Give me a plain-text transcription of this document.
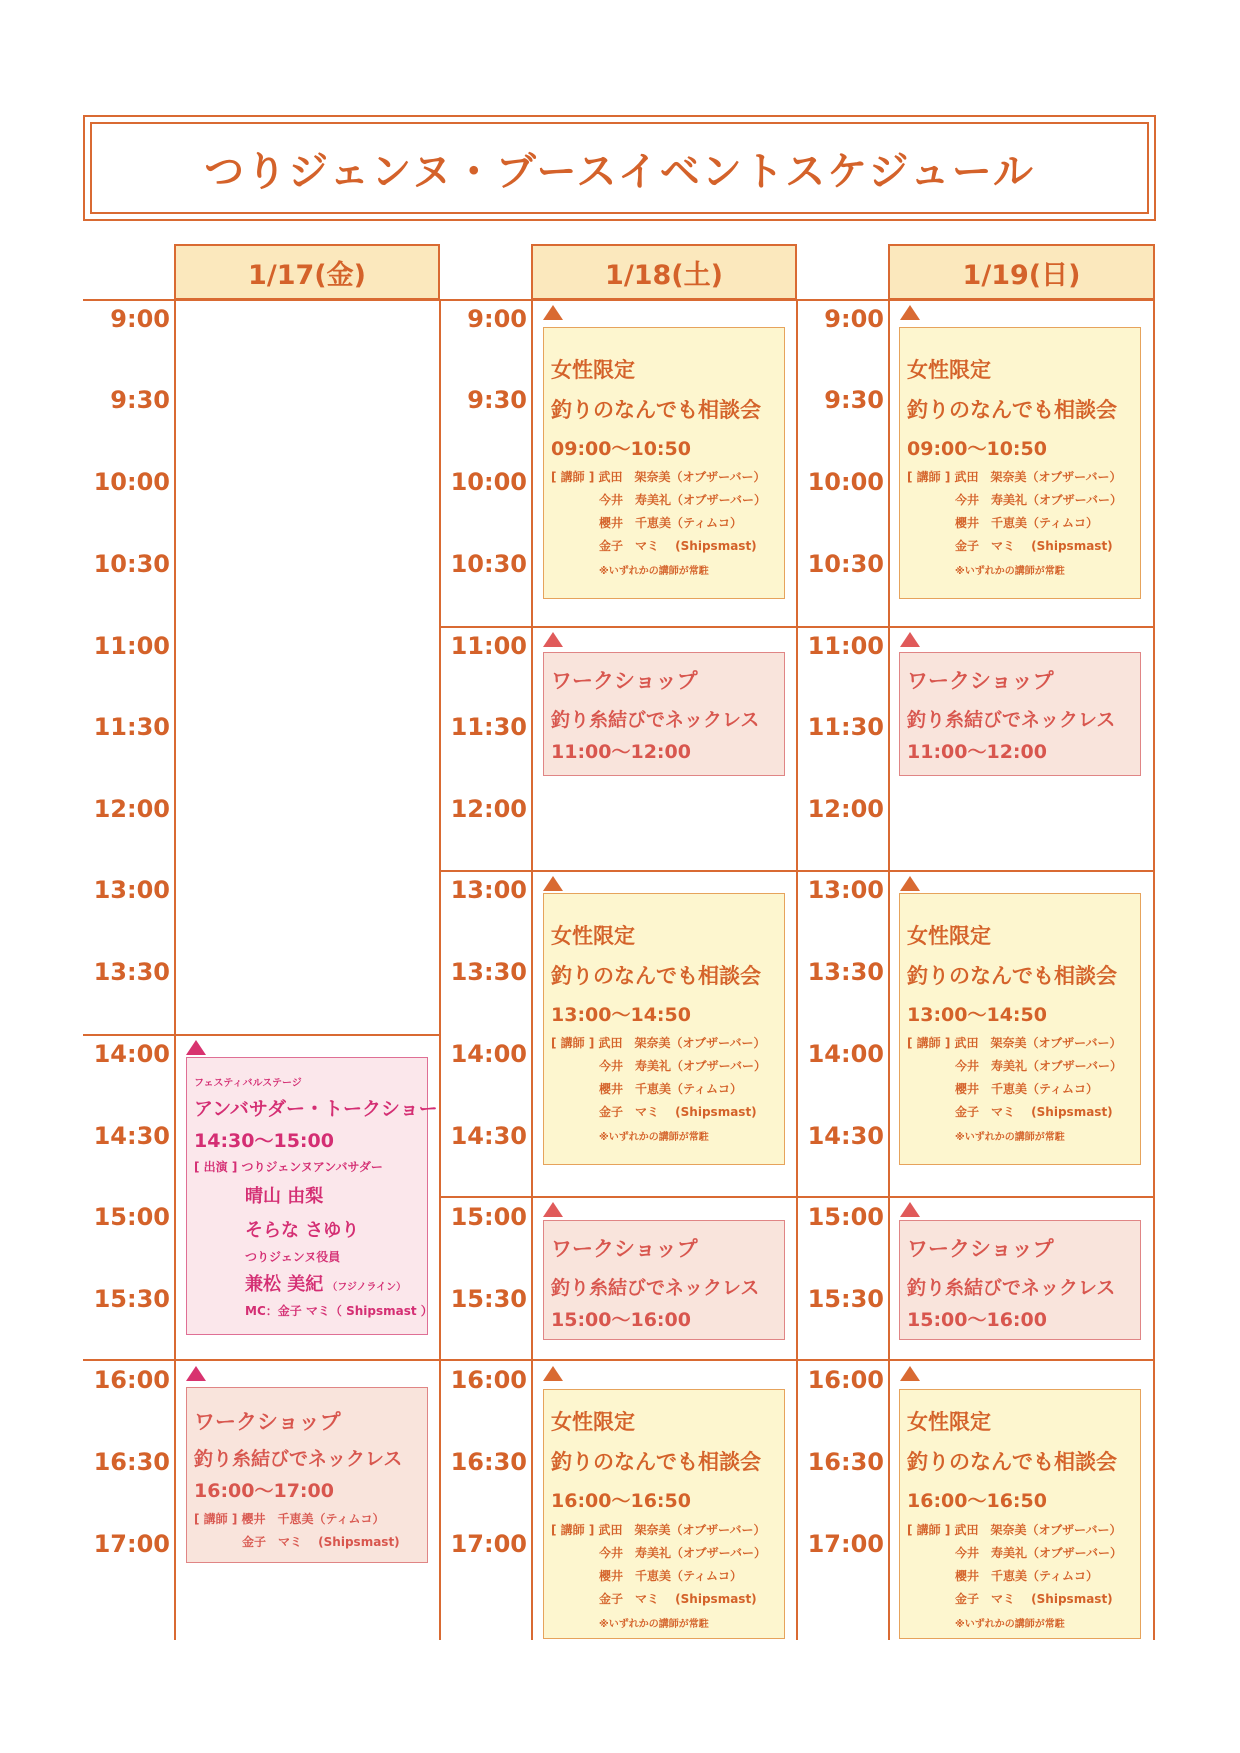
つりジェンヌ・ブースイベントスケジュール
1/17(金)	1/18(土)	1/19(日)
9:00
9:30
10:00
10:30
11:00
11:30
12:00
13:00
13:30
14:00
14:30
15:00
15:30
16:00
16:30
17:00
9:00
9:30
10:00
10:30
11:00
11:30
12:00
13:00
13:30
14:00
14:30
15:00
15:30
16:00
16:30
17:00
9:00
9:30
10:00
10:30
11:00
11:30
12:00
13:00
13:30
14:00
14:30
15:00
15:30
16:00
16:30
17:00
女性限定
釣りのなんでも相談会
09:00〜10:50
[ 講師 ] 武田　架奈美（オブザーバー）
今井　寿美礼（オブザーバー）
櫻井　千恵美（ティムコ）
金子　マミ　 (Shipsmast)
※いずれかの講師が常駐
女性限定
釣りのなんでも相談会
09:00〜10:50
[ 講師 ] 武田　架奈美（オブザーバー）
今井　寿美礼（オブザーバー）
櫻井　千恵美（ティムコ）
金子　マミ　 (Shipsmast)
※いずれかの講師が常駐
女性限定
釣りのなんでも相談会
13:00〜14:50
[ 講師 ] 武田　架奈美（オブザーバー）
今井　寿美礼（オブザーバー）
櫻井　千恵美（ティムコ）
金子　マミ　 (Shipsmast)
※いずれかの講師が常駐
女性限定
釣りのなんでも相談会
13:00〜14:50
[ 講師 ] 武田　架奈美（オブザーバー）
今井　寿美礼（オブザーバー）
櫻井　千恵美（ティムコ）
金子　マミ　 (Shipsmast)
※いずれかの講師が常駐
女性限定
釣りのなんでも相談会
16:00〜16:50
[ 講師 ] 武田　架奈美（オブザーバー）
今井　寿美礼（オブザーバー）
櫻井　千恵美（ティムコ）
金子　マミ　 (Shipsmast)
※いずれかの講師が常駐
女性限定
釣りのなんでも相談会
16:00〜16:50
[ 講師 ] 武田　架奈美（オブザーバー）
今井　寿美礼（オブザーバー）
櫻井　千恵美（ティムコ）
金子　マミ　 (Shipsmast)
※いずれかの講師が常駐
ワークショップ
釣り糸結びでネックレス
11:00〜12:00
ワークショップ
釣り糸結びでネックレス
11:00〜12:00
ワークショップ
釣り糸結びでネックレス
15:00〜16:00
ワークショップ
釣り糸結びでネックレス
15:00〜16:00
ワークショップ
釣り糸結びでネックレス
16:00〜17:00
[ 講師 ] 櫻井　千恵美（ティムコ）
金子　マミ　 (Shipsmast)
フェスティバルステージ
アンバサダー・トークショー
14:30〜15:00
[ 出演 ] つりジェンヌアンバサダー
晴山 由梨
そらな さゆり
つりジェンヌ役員
兼松 美紀 （フジノライン）
MC：金子 マミ（ Shipsmast ）
